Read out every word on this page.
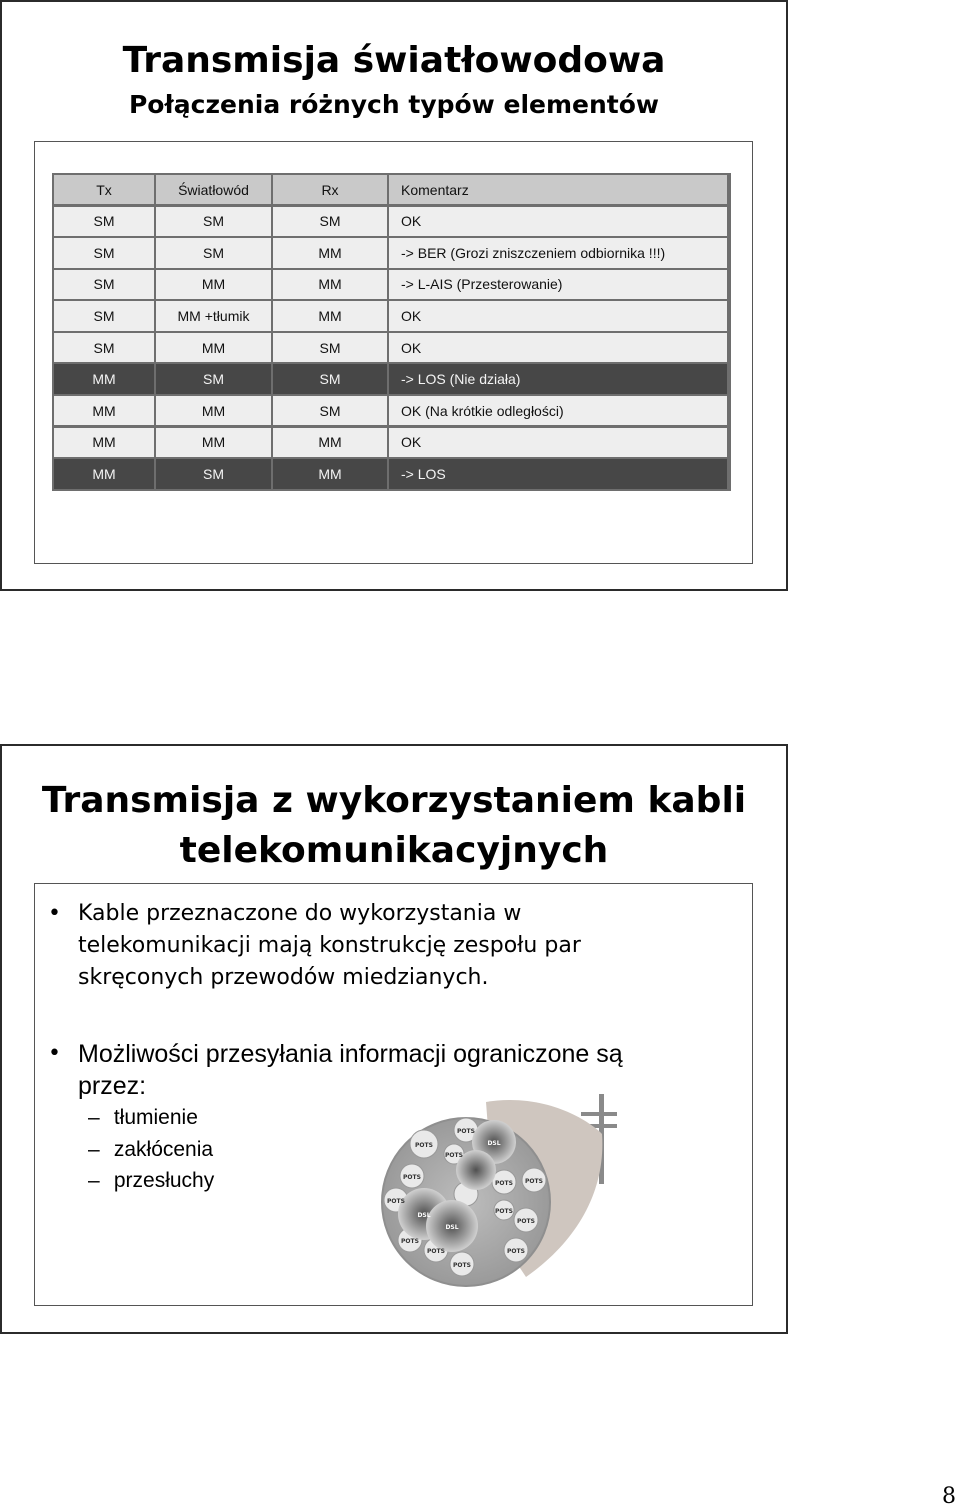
Transmisja światłowodowa
Połączenia różnych typów elementów
Tx	Światłowód	Rx	Komentarz
SM	SM	SM	OK
SM	SM	MM	-> BER (Grozi zniszczeniem odbiornika !!!)
SM	MM	MM	-> L-AIS (Przesterowanie)
SM	MM +tłumik	MM	OK
SM	MM	SM	OK
MM	SM	SM	-> LOS (Nie działa)
MM	MM	SM	OK (Na krótkie odległości)
MM	MM	MM	OK
MM	SM	MM	-> LOS
Transmisja z wykorzystaniem kabli
telekomunikacyjnych
• Kable przeznaczone do wykorzystania w
telekomunikacji mają konstrukcję zespołu par
skręconych przewodów miedzianych.
• Możliwości przesyłania informacji ograniczone są
przez:
– tłumienie
– zakłócenia
– przesłuchy
POTS
POTS
POTS
POTS
POTS
POTS
POTS
POTS
POTS
POTS
POTS
POTS
POTS
DSL
DSL
DSL
8
